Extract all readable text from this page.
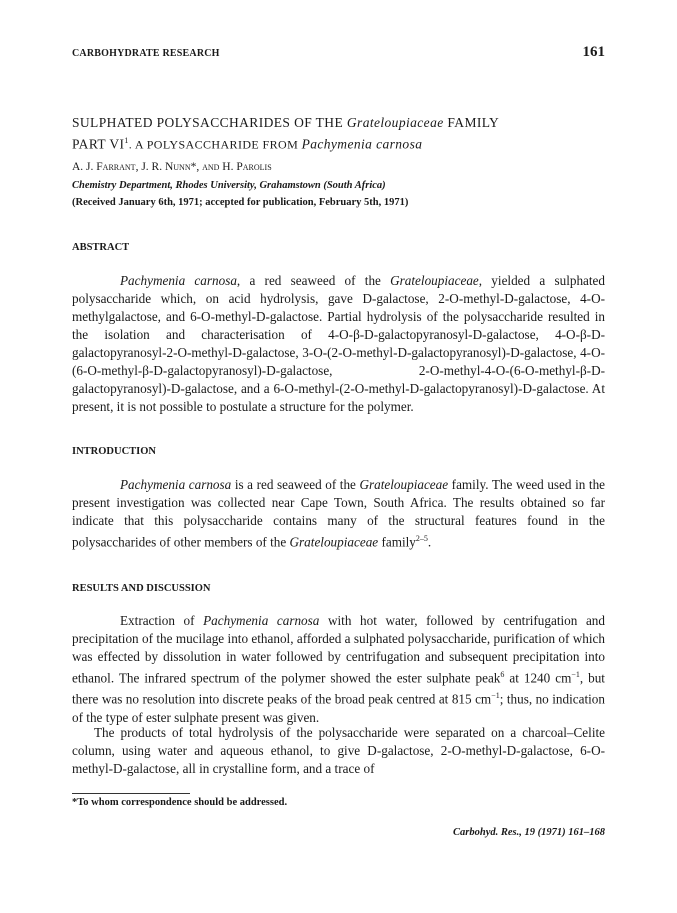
CARBOHYDRATE RESEARCH	161
SULPHATED POLYSACCHARIDES OF THE Grateloupiaceae FAMILY
PART $VI^1$. A POLYSACCHARIDE FROM Pachymenia carnosa
A. J. Farrant, J. R. Nunn*, and H. Parolis
Chemistry Department, Rhodes University, Grahamstown (South Africa)
(Received January 6th, 1971; accepted for publication, February 5th, 1971)
ABSTRACT

Pachymenia carnosa, a red seaweed of the Grateloupiaceae, yielded a sulphated polysaccharide which, on acid hydrolysis, gave D-galactose, 2-O-methyl-D-galactose, 4-O-methylgalactose, and 6-O-methyl-D-galactose. Partial hydrolysis of the polysaccharide resulted in the isolation and characterisation of 4-O-β-D-galactopyranosyl-D-galactose, 4-O-β-D-galactopyranosyl-2-O-methyl-D-galactose, 3-O-(2-O-methyl-D-galactopyranosyl)-D-galactose, 4-O-(6-O-methyl-β-D-galactopyranosyl)-D-galactose, 2-O-methyl-4-O-(6-O-methyl-β-D-galactopyranosyl)-D-galactose, and a 6-O-methyl-(2-O-methyl-D-galactopyranosyl)-D-galactose. At present, it is not possible to postulate a structure for the polymer.

INTRODUCTION

Pachymenia carnosa is a red seaweed of the Grateloupiaceae family. The weed used in the present investigation was collected near Cape Town, South Africa. The results obtained so far indicate that this polysaccharide contains many of the structural features found in the polysaccharides of other members of the Grateloupiaceae family$^{2-5}$.

RESULTS AND DISCUSSION

Extraction of Pachymenia carnosa with hot water, followed by centrifugation and precipitation of the mucilage into ethanol, afforded a sulphated polysaccharide, purification of which was effected by dissolution in water followed by centrifugation and subsequent precipitation into ethanol. The infrared spectrum of the polymer showed the ester sulphate peak$^6$ at 1240 $cm^{-1}$, but there was no resolution into discrete peaks of the broad peak centred at 815 $cm^{-1}$; thus, no indication of the type of ester sulphate present was given.

The products of total hydrolysis of the polysaccharide were separated on a charcoal–Celite column, using water and aqueous ethanol, to give D-galactose, 2-O-methyl-D-galactose, 6-O-methyl-D-galactose, all in crystalline form, and a trace of

*To whom correspondence should be addressed.
Carbohyd. Res., 19 (1971) 161–168
